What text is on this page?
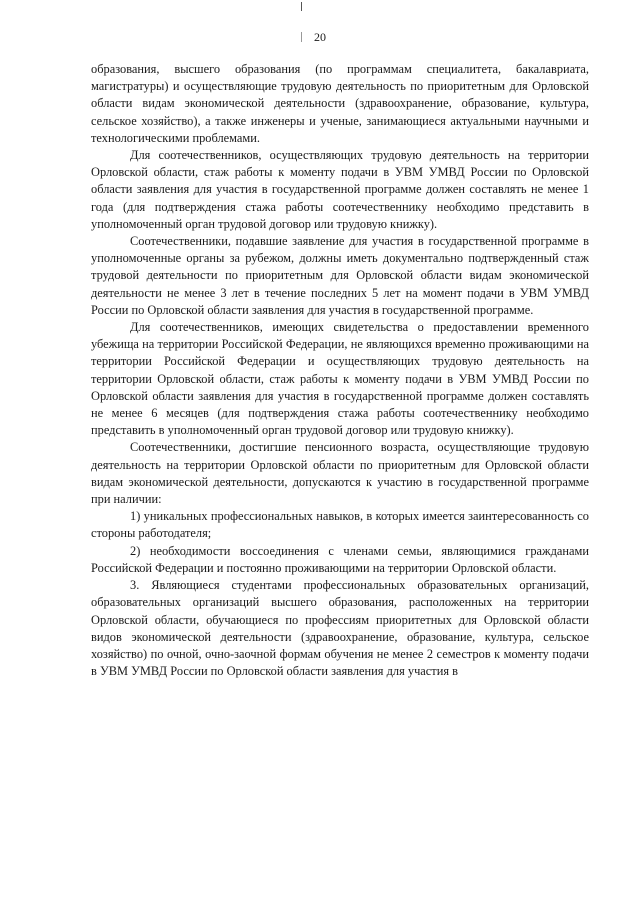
20

образования, высшего образования (по программам специалитета, бакалавриата, магистратуры) и осуществляющие трудовую деятельность по приоритетным для Орловской области видам экономической деятельности (здравоохранение, образование, культура, сельское хозяйство), а также инженеры и ученые, занимающиеся актуальными научными и технологическими проблемами.

Для соотечественников, осуществляющих трудовую деятельность на территории Орловской области, стаж работы к моменту подачи в УВМ УМВД России по Орловской области заявления для участия в государственной программе должен составлять не менее 1 года (для подтверждения стажа работы соотечественнику необходимо представить в уполномоченный орган трудовой договор или трудовую книжку).

Соотечественники, подавшие заявление для участия в государственной программе в уполномоченные органы за рубежом, должны иметь документально подтвержденный стаж трудовой деятельности по приоритетным для Орловской области видам экономической деятельности не менее 3 лет в течение последних 5 лет на момент подачи в УВМ УМВД России по Орловской области заявления для участия в государственной программе.

Для соотечественников, имеющих свидетельства о предоставлении временного убежища на территории Российской Федерации, не являющихся временно проживающими на территории Российской Федерации и осуществляющих трудовую деятельность на территории Орловской области, стаж работы к моменту подачи в УВМ УМВД России по Орловской области заявления для участия в государственной программе должен составлять не менее 6 месяцев (для подтверждения стажа работы соотечественнику необходимо представить в уполномоченный орган трудовой договор или трудовую книжку).

Соотечественники, достигшие пенсионного возраста, осуществляющие трудовую деятельность на территории Орловской области по приоритетным для Орловской области видам экономической деятельности, допускаются к участию в государственной программе при наличии:

1) уникальных профессиональных навыков, в которых имеется заинтересованность со стороны работодателя;

2) необходимости воссоединения с членами семьи, являющимися гражданами Российской Федерации и постоянно проживающими на территории Орловской области.

3. Являющиеся студентами профессиональных образовательных организаций, образовательных организаций высшего образования, расположенных на территории Орловской области, обучающиеся по профессиям приоритетных для Орловской области видов экономической деятельности (здравоохранение, образование, культура, сельское хозяйство) по очной, очно-заочной формам обучения не менее 2 семестров к моменту подачи в УВМ УМВД России по Орловской области заявления для участия в
